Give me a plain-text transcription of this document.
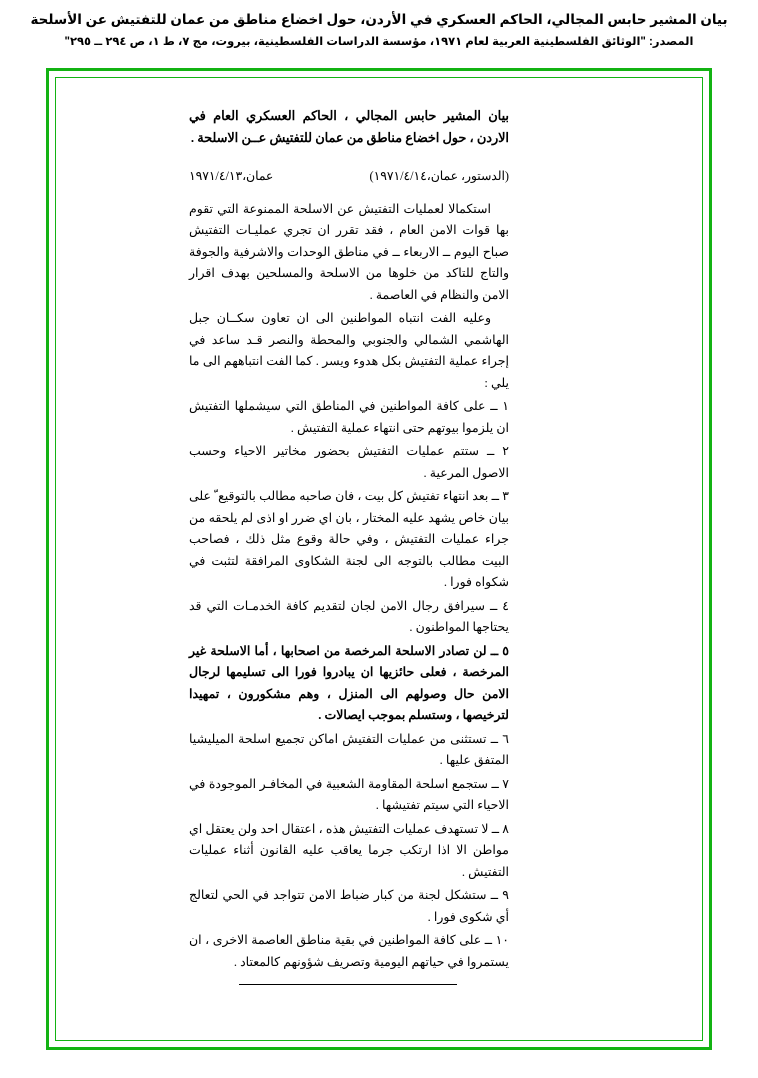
بيان المشير حابس المجالي، الحاكم العسكري في الأردن، حول اخضاع مناطق من عمان للتفتيش عن الأسلحة
المصدر: "الوثائق الفلسطينية العربية لعام ١٩٧١، مؤسسة الدراسات الفلسطينية، بيروت، مج ٧، ط ١، ص ٢٩٤ ــ ٢٩٥"
بيان المشير حابس المجالي ، الحاكم العسكري العام في الاردن ، حول اخضاع مناطق من عمان للتفتيش عــن الاسلحة .
(الدستور، عمان،١٩٧١/٤/١٤)
عمان،١٩٧١/٤/١٣

استكمالا لعمليات التفتيش عن الاسلحة الممنوعة التي تقوم بها قوات الامن العام ، فقد تقرر ان تجري عمليـات التفتيش صباح اليوم ــ الاربعاء ــ في مناطق الوحدات والاشرفية والجوفة والتاج للتاكد من خلوها من الاسلحة والمسلحين بهدف اقرار الامن والنظام في العاصمة .

وعليه الفت انتباه المواطنين الى ان تعاون سكــان جبل الهاشمي الشمالي والجنوبي والمحطة والنصر قـد ساعد في إجراء عملية التفتيش بكل هدوء ويسر . كما الفت انتباههم الى ما يلي :

١ ــ على كافة المواطنين في المناطق التي سيشملها التفتيش ان يلزموا بيوتهم حتى انتهاء عملية التفتيش .

٢ ــ ستتم عمليات التفتيش بحضور مخاتير الاحياء وحسب الاصول المرعية .

٣ ــ بعد انتهاء تفتيش كل بيت ، فان صاحبه مطالب بالتوقيع ّ على بيان خاص يشهد عليه المختار ، بان اي ضرر او اذى لم يلحقه من جراء عمليات التفتيش ، وفي حالة وقوع مثل ذلك ، فصاحب البيت مطالب بالتوجه الى لجنة الشكاوى المرافقة لتثبت في شكواه فورا .

٤ ــ سيرافق رجال الامن لجان لتقديم كافة الخدمـات التي قد يحتاجها المواطنون .

٥ ــ لن تصادر الاسلحة المرخصة من اصحابها ، أما الاسلحة غير المرخصة ، فعلى حائزيها ان يبادروا فورا الى تسليمها لرجال الامن حال وصولهم الى المنزل ، وهم مشكورون ، تمهيدا لترخيصها ، وستسلم بموجب ايصالات .

٦ ــ تستثنى من عمليات التفتيش اماكن تجميع اسلحة الميليشيا المتفق عليها .

٧ ــ ستجمع اسلحة المقاومة الشعبية في المخافـر الموجودة في الاحياء التي سيتم تفتيشها .

٨ ــ لا تستهدف عمليات التفتيش هذه ، اعتقال احد ولن يعتقل اي مواطن الا اذا ارتكب جرما يعاقب عليه القانون أثناء عمليات التفتيش .

٩ ــ ستشكل لجنة من كبار ضباط الامن تتواجد في الحي لتعالج أي شكوى فورا .

١٠ ــ على كافة المواطنين في بقية مناطق العاصمة الاخرى ، ان يستمروا في حياتهم اليومية وتصريف شؤونهم كالمعتاد .
